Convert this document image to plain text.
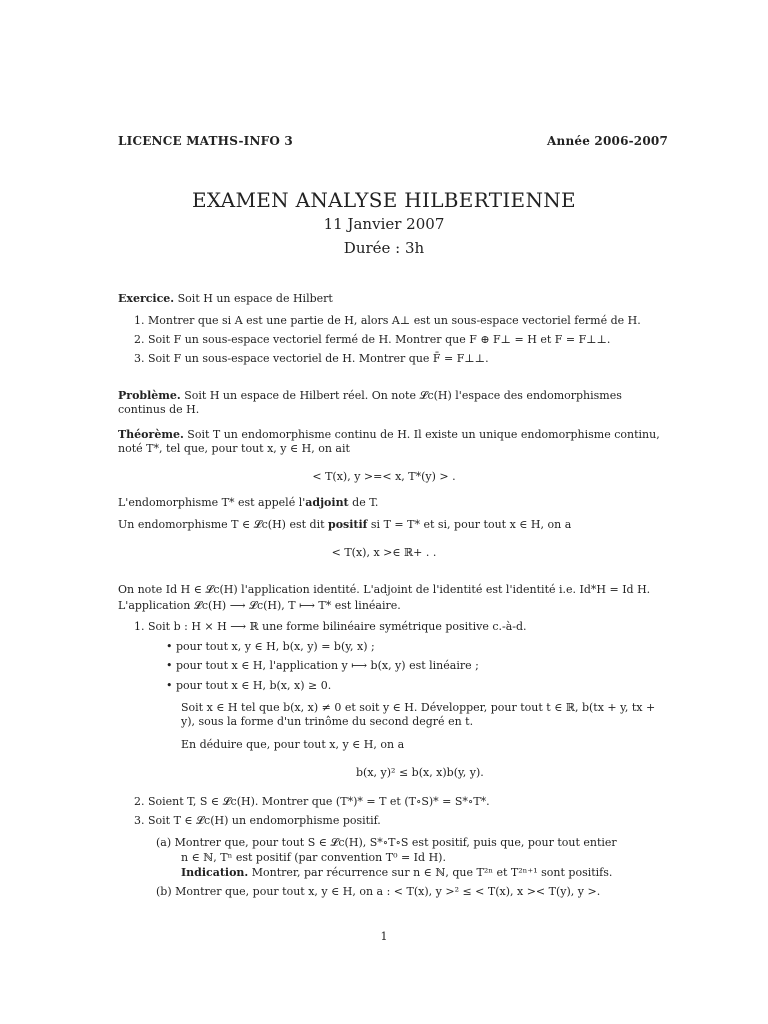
LICENCE MATHS-INFO 3	Année 2006-2007
EXAMEN ANALYSE HILBERTIENNE
11 Janvier 2007
Durée : 3h
Exercice. Soit H un espace de Hilbert
1. Montrer que si A est une partie de H, alors A⊥ est un sous-espace vectoriel fermé de H.
2. Soit F un sous-espace vectoriel fermé de H. Montrer que F ⊕ F⊥ = H et F = F⊥⊥.
3. Soit F un sous-espace vectoriel de H. Montrer que F̄ = F⊥⊥.
Problème. Soit H un espace de Hilbert réel. On note 𝓛c(H) l'espace des endomorphismes continus de H.
Théorème. Soit T un endomorphisme continu de H. Il existe un unique endomorphisme continu, noté T*, tel que, pour tout x, y ∈ H, on ait
< T(x), y >=< x, T*(y) > .
L'endomorphisme T* est appelé l'adjoint de T.
Un endomorphisme T ∈ 𝓛c(H) est dit positif si T = T* et si, pour tout x ∈ H, on a
< T(x), x >∈ ℝ+ . .
On note Id H ∈ 𝓛c(H) l'application identité. L'adjoint de l'identité est l'identité i.e. Id*H = Id H.
L'application 𝓛c(H) ⟶ 𝓛c(H), T ⟼ T* est linéaire.
1. Soit b : H × H ⟶ ℝ une forme bilinéaire symétrique positive c.-à-d.
• pour tout x, y ∈ H, b(x, y) = b(y, x) ;
• pour tout x ∈ H, l'application y ⟼ b(x, y) est linéaire ;
• pour tout x ∈ H, b(x, x) ≥ 0.
Soit x ∈ H tel que b(x, x) ≠ 0 et soit y ∈ H. Développer, pour tout t ∈ ℝ, b(tx + y, tx + y), sous la forme d'un trinôme du second degré en t.
En déduire que, pour tout x, y ∈ H, on a
b(x, y)² ≤ b(x, x)b(y, y).
2. Soient T, S ∈ 𝓛c(H). Montrer que (T*)* = T et (T∘S)* = S*∘T*.
3. Soit T ∈ 𝓛c(H) un endomorphisme positif.
(a) Montrer que, pour tout S ∈ 𝓛c(H), S*∘T∘S est positif, puis que, pour tout entier
n ∈ ℕ, Tⁿ est positif (par convention T⁰ = Id H).
Indication. Montrer, par récurrence sur n ∈ ℕ, que T²ⁿ et T²ⁿ⁺¹ sont positifs.
(b) Montrer que, pour tout x, y ∈ H, on a : < T(x), y >² ≤ < T(x), x >< T(y), y >.
1
